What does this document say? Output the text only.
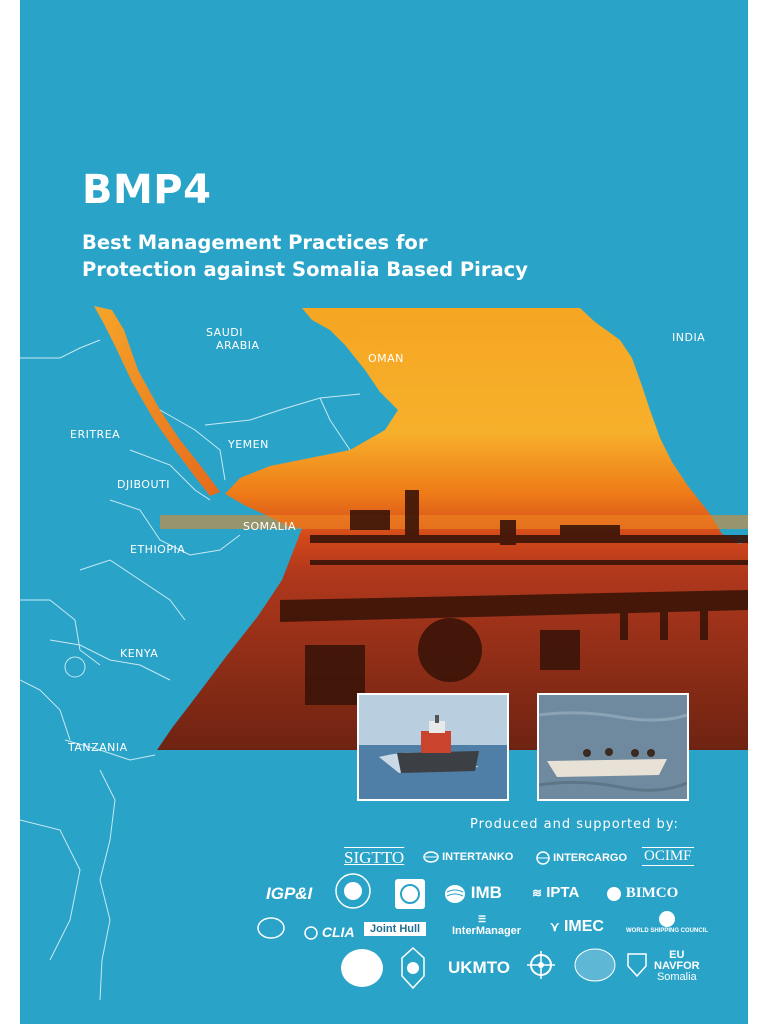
BMP4
Best Management Practices for
Protection against Somalia Based Piracy
SAUDI
ARABIA
OMAN
INDIA
ERITREA
YEMEN
DJIBOUTI
SOMALIA
ETHIOPIA
KENYA
TANZANIA
Produced and supported by:
SIGTTO	INTERTANKO	INTERCARGO OCIMF
IGP&I	IMB	≋ IPTA	BIMCO
CLIA	Joint Hull
☰
InterManager ⋎ IMEC	WORLD SHIPPING COUNCIL
UKMTO
EU
NAVFOR
Somalia
